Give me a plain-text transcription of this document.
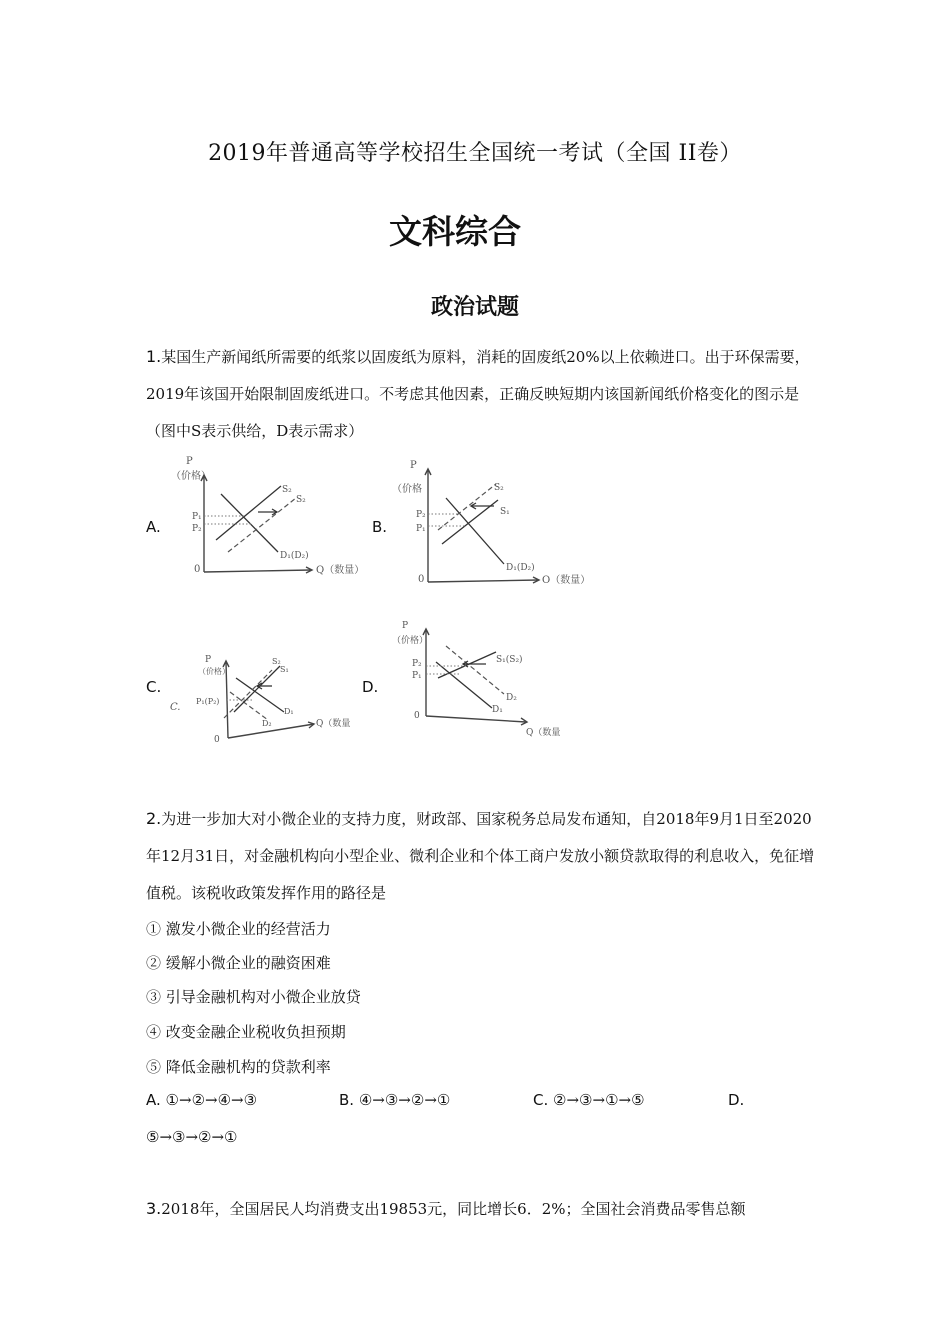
2019年普通高等学校招生全国统一考试（全国 II卷）
文科综合
政治试题
1.某国生产新闻纸所需要的纸浆以固废纸为原料，消耗的固废纸20%以上依赖进口。出于环保需要，2019年该国开始限制固废纸进口。不考虑其他因素，正确反映短期内该国新闻纸价格变化的图示是（图中S表示供给，D表示需求）
A.
P
（价格）
0	Q（数量）
P₁
P₂
S₂
S₂
D₁(D₂)
B.
P
（价格
0	O（数量）
P₂
P₁
S₂
S₁
D₁(D₂)
C.
P
（价格）
0
Q（数量
C.
P₁(P₂)
S₂
S₁
D₁
D₂
D.
P
（价格）
0
Q（数量
P₂
P₁
S₁(S₂)
D₂
D₁
2.为进一步加大对小微企业的支持力度，财政部、国家税务总局发布通知，自2018年9月1日至2020年12月31日，对金融机构向小型企业、微利企业和个体工商户发放小额贷款取得的利息收入，免征增值税。该税收政策发挥作用的路径是
① 激发小微企业的经营活力
② 缓解小微企业的融资困难
③ 引导金融机构对小微企业放贷
④ 改变金融企业税收负担预期
⑤ 降低金融机构的贷款利率
A. ①→②→④→③	B. ④→③→②→①	C. ②→③→①→⑤	D.
⑤→③→②→①
3.2018年，全国居民人均消费支出19853元，同比增长6．2%；全国社会消费品零售总额
